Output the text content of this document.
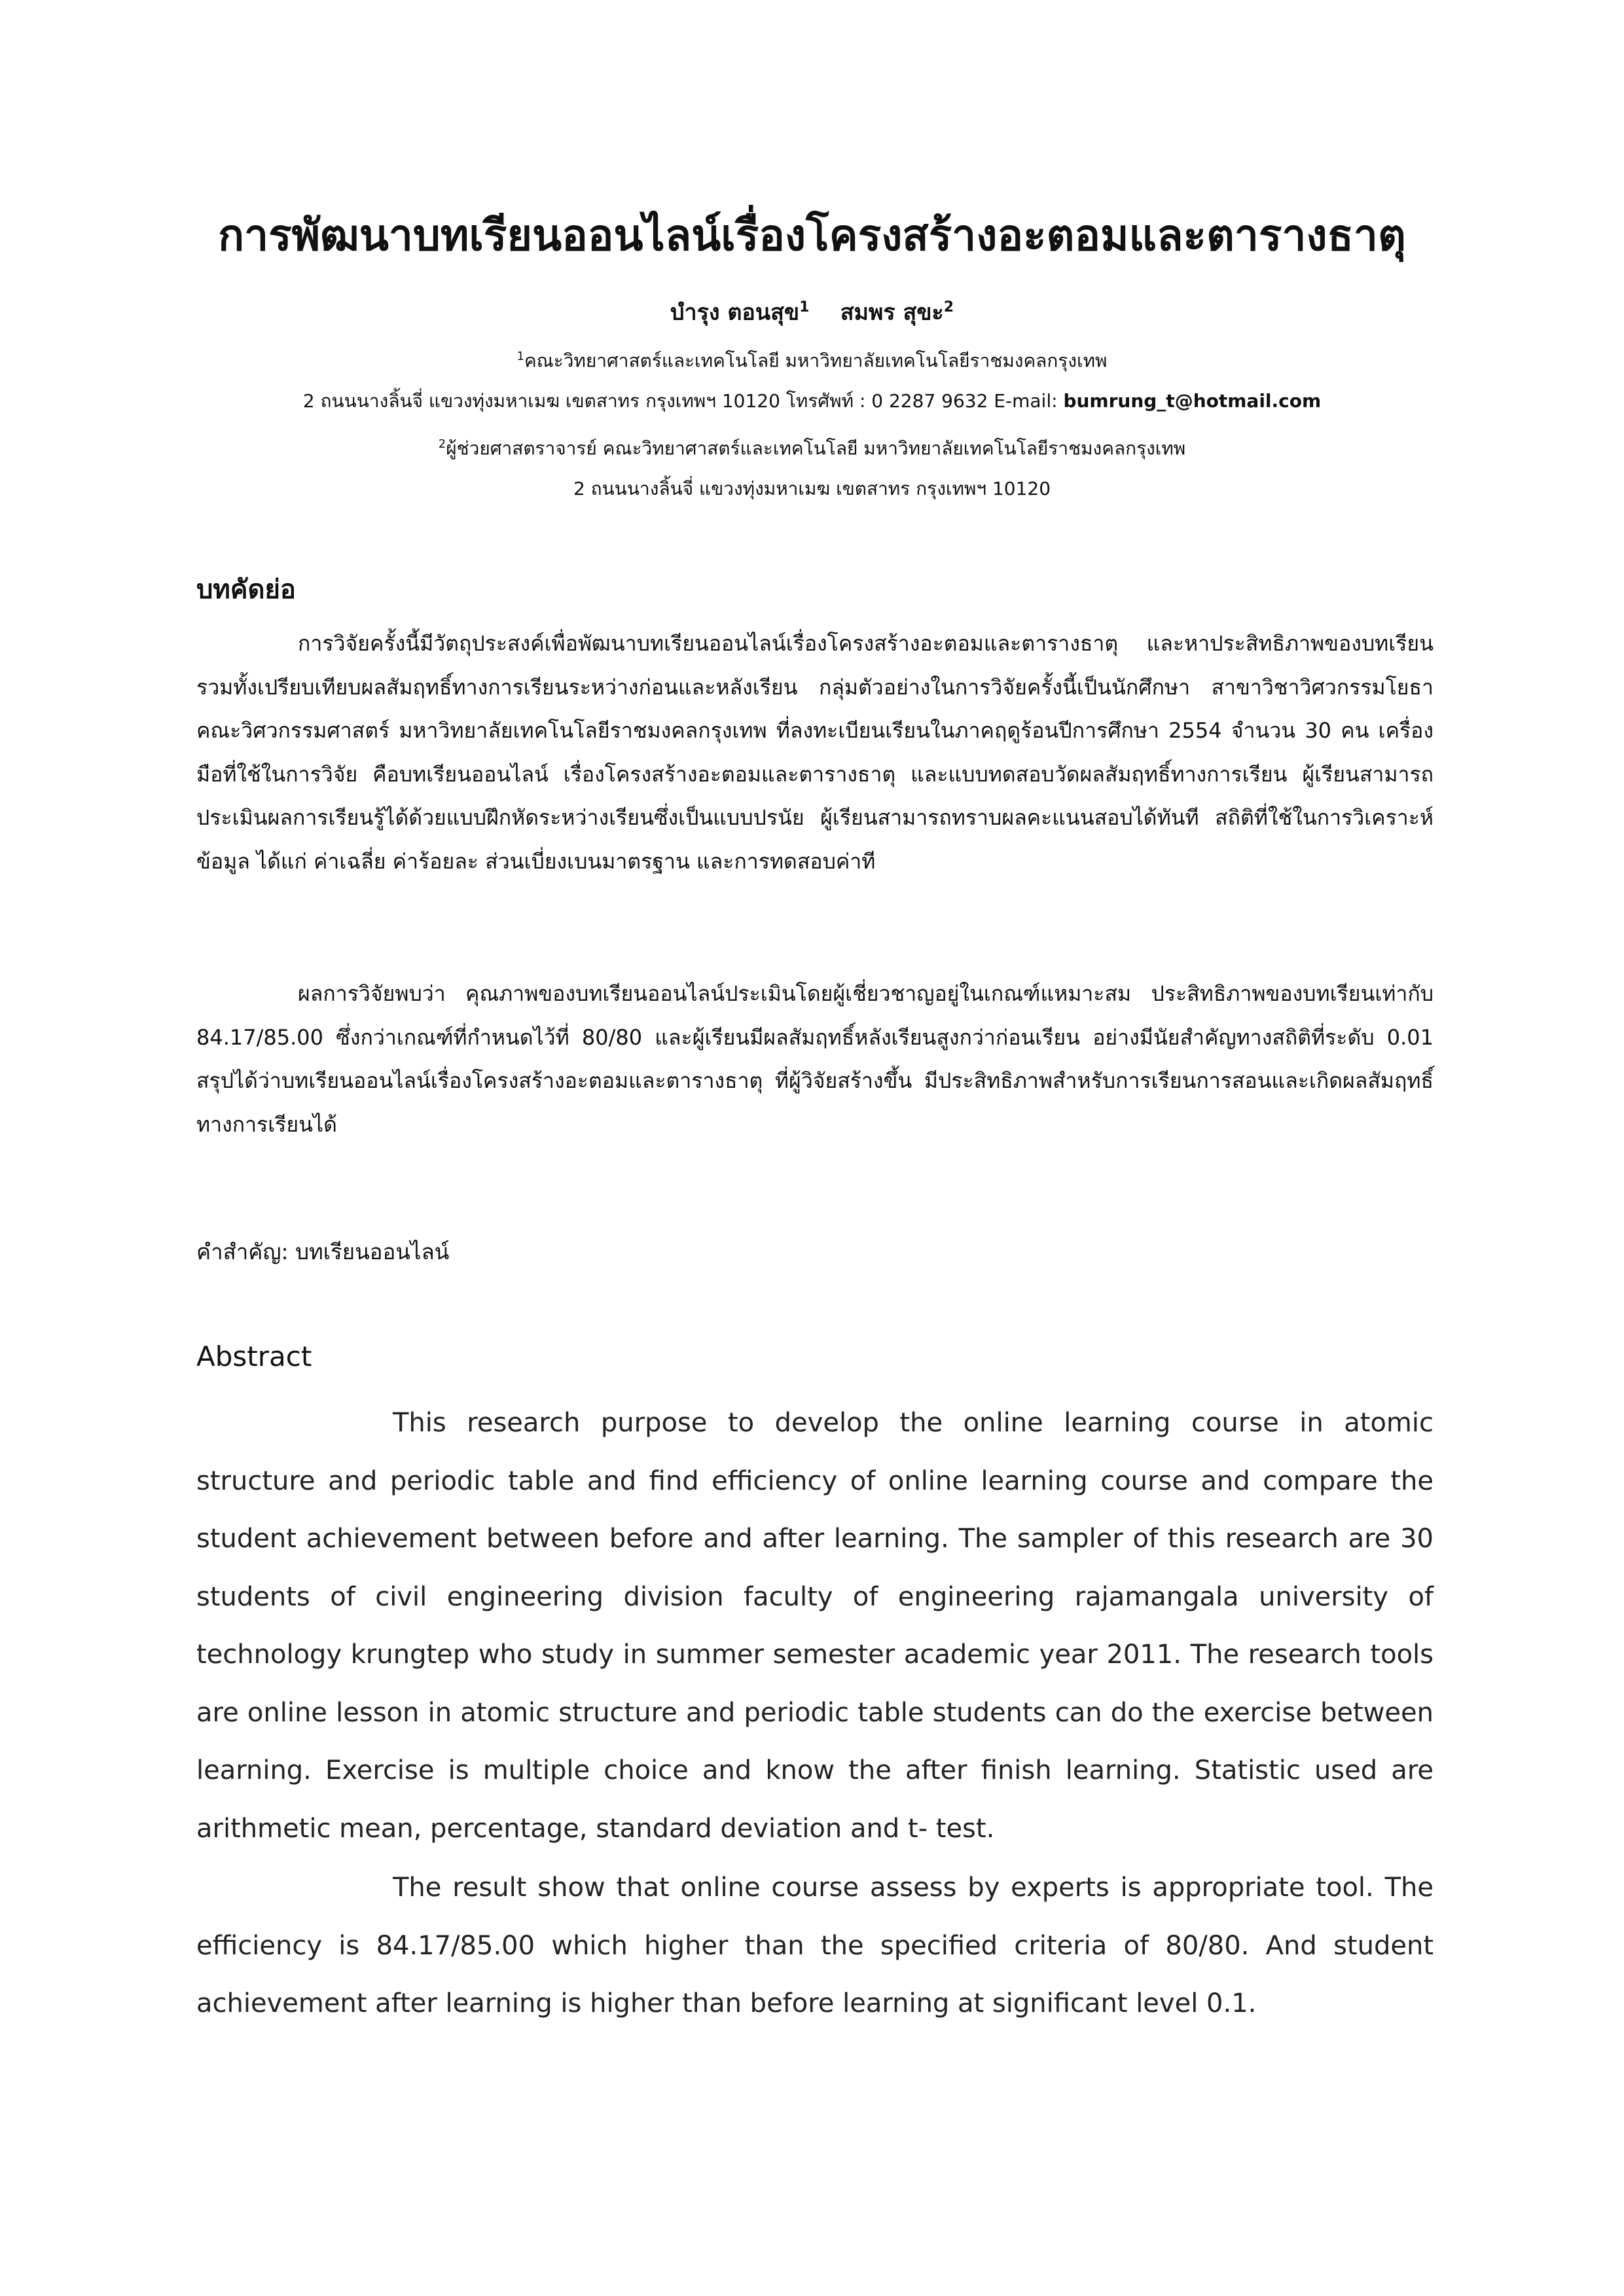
การพัฒนาบทเรียนออนไลน์เรื่องโครงสร้างอะตอมและตารางธาตุ
บำรุง ตอนสุข$^1$ สมพร สุขะ$^2$
$^1$คณะวิทยาศาสตร์และเทคโนโลยี มหาวิทยาลัยเทคโนโลยีราชมงคลกรุงเทพ
2 ถนนนางลิ้นจี่ แขวงทุ่งมหาเมฆ เขตสาทร กรุงเทพฯ 10120 โทรศัพท์ : 0 2287 9632 E-mail: bumrung_t@hotmail.com
$^2$ผู้ช่วยศาสตราจารย์ คณะวิทยาศาสตร์และเทคโนโลยี มหาวิทยาลัยเทคโนโลยีราชมงคลกรุงเทพ
2 ถนนนางลิ้นจี่ แขวงทุ่งมหาเมฆ เขตสาทร กรุงเทพฯ 10120
บทคัดย่อ

การวิจัยครั้งนี้มีวัตถุประสงค์เพื่อพัฒนาบทเรียนออนไลน์เรื่องโครงสร้างอะตอมและตารางธาตุ และหาประสิทธิภาพของบทเรียน รวมทั้งเปรียบเทียบผลสัมฤทธิ์ทางการเรียนระหว่างก่อนและหลังเรียน กลุ่มตัวอย่างในการวิจัยครั้งนี้เป็นนักศึกษา สาขาวิชาวิศวกรรมโยธา คณะวิศวกรรมศาสตร์ มหาวิทยาลัยเทคโนโลยีราชมงคลกรุงเทพ ที่ลงทะเบียนเรียนในภาคฤดูร้อนปีการศึกษา 2554 จำนวน 30 คน เครื่องมือที่ใช้ในการวิจัย คือบทเรียนออนไลน์ เรื่องโครงสร้างอะตอมและตารางธาตุ และแบบทดสอบวัดผลสัมฤทธิ์ทางการเรียน ผู้เรียนสามารถประเมินผลการเรียนรู้ได้ด้วยแบบฝึกหัดระหว่างเรียนซึ่งเป็นแบบปรนัย ผู้เรียนสามารถทราบผลคะแนนสอบได้ทันที สถิติที่ใช้ในการวิเคราะห์ข้อมูล ได้แก่ ค่าเฉลี่ย ค่าร้อยละ ส่วนเบี่ยงเบนมาตรฐาน และการทดสอบค่าที

ผลการวิจัยพบว่า คุณภาพของบทเรียนออนไลน์ประเมินโดยผู้เชี่ยวชาญอยู่ในเกณฑ์แหมาะสม ประสิทธิภาพของบทเรียนเท่ากับ 84.17/85.00 ซึ่งกว่าเกณฑ์ที่กำหนดไว้ที่ 80/80 และผู้เรียนมีผลสัมฤทธิ์หลังเรียนสูงกว่าก่อนเรียน อย่างมีนัยสำคัญทางสถิติที่ระดับ 0.01 สรุปได้ว่าบทเรียนออนไลน์เรื่องโครงสร้างอะตอมและตารางธาตุ ที่ผู้วิจัยสร้างขึ้น มีประสิทธิภาพสำหรับการเรียนการสอนและเกิดผลสัมฤทธิ์ทางการเรียนได้

คำสำคัญ: บทเรียนออนไลน์
Abstract

This research purpose to develop the online learning course in atomic structure and periodic table and find efficiency of online learning course and compare the student achievement between before and after learning. The sampler of this research are 30 students of civil engineering division faculty of engineering rajamangala university of technology krungtep who study in summer semester academic year 2011. The research tools are online lesson in atomic structure and periodic table students can do the exercise between learning. Exercise is multiple choice and know the after finish learning. Statistic used are arithmetic mean, percentage, standard deviation and t- test.

The result show that online course assess by experts is appropriate tool. The efficiency is 84.17/85.00 which higher than the specified criteria of 80/80. And student achievement after learning is higher than before learning at significant level 0.1.
